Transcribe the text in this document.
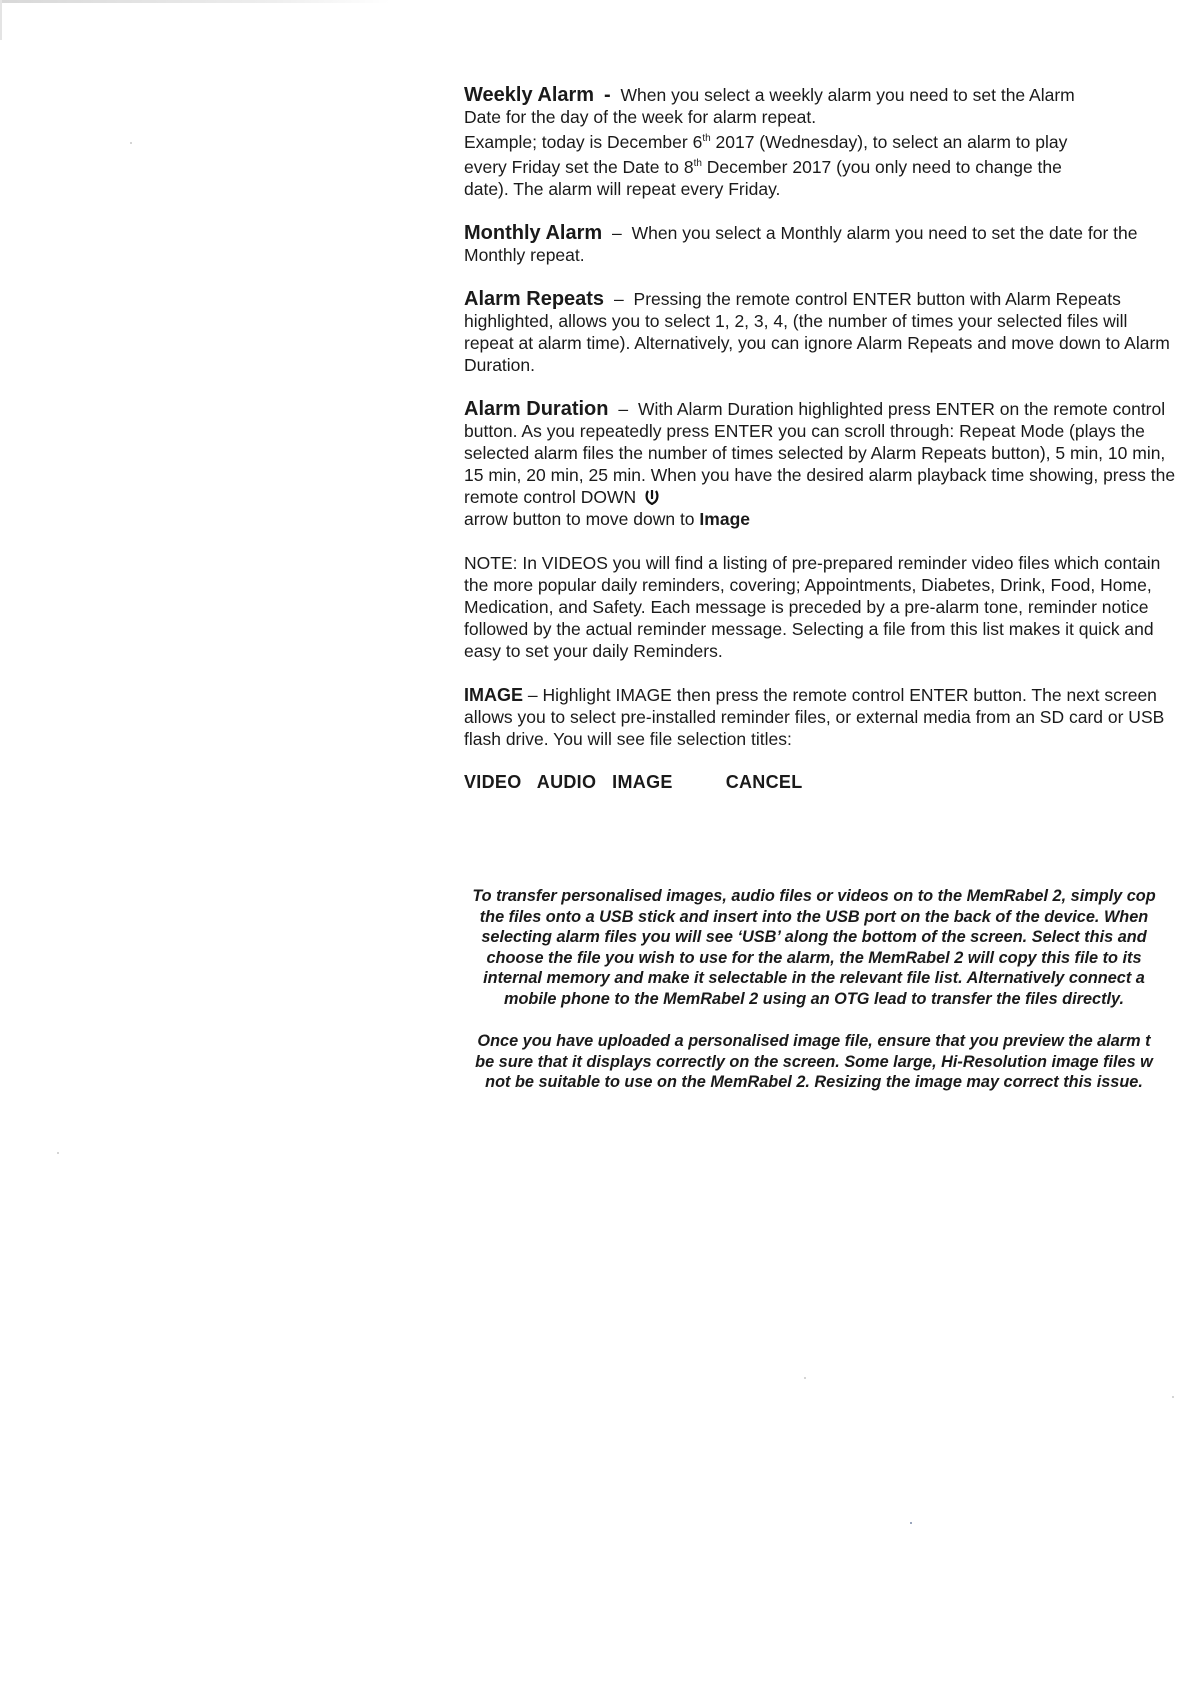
Weekly Alarm - When you select a weekly alarm you need to set the Alarm
Date for the day of the week for alarm repeat.
Example; today is December 6th 2017 (Wednesday), to select an alarm to play
every Friday set the Date to 8th December 2017 (you only need to change the
date). The alarm will repeat every Friday.
Monthly Alarm – When you select a Monthly alarm you need to set the date for the Monthly repeat.
Alarm Repeats – Pressing the remote control ENTER button with Alarm Repeats highlighted, allows you to select 1, 2, 3, 4, (the number of times your selected files will repeat at alarm time). Alternatively, you can ignore Alarm Repeats and move down to Alarm Duration.
Alarm Duration – With Alarm Duration highlighted press ENTER on the remote control button. As you repeatedly press ENTER you can scroll through: Repeat Mode (plays the selected alarm files the number of times selected by Alarm Repeats button), 5 min, 10 min, 15 min, 20 min, 25 min. When you have the desired alarm playback time showing, press the remote control DOWN
arrow button to move down to Image
NOTE: In VIDEOS you will find a listing of pre-prepared reminder video files which contain the more popular daily reminders, covering; Appointments, Diabetes, Drink, Food, Home, Medication, and Safety. Each message is preceded by a pre-alarm tone, reminder notice followed by the actual reminder message. Selecting a file from this list makes it quick and easy to set your daily Reminders.
IMAGE – Highlight IMAGE then press the remote control ENTER button. The next screen allows you to select pre-installed reminder files, or external media from an SD card or USB flash drive. You will see file selection titles:
VIDEO AUDIO IMAGE	CANCEL
To transfer personalised images, audio files or videos on to the MemRabel 2, simply cop
the files onto a USB stick and insert into the USB port on the back of the device. When
selecting alarm files you will see ‘USB’ along the bottom of the screen. Select this and
choose the file you wish to use for the alarm, the MemRabel 2 will copy this file to its
internal memory and make it selectable in the relevant file list. Alternatively connect a
mobile phone to the MemRabel 2 using an OTG lead to transfer the files directly.
Once you have uploaded a personalised image file, ensure that you preview the alarm t
be sure that it displays correctly on the screen. Some large, Hi-Resolution image files w
not be suitable to use on the MemRabel 2. Resizing the image may correct this issue.
